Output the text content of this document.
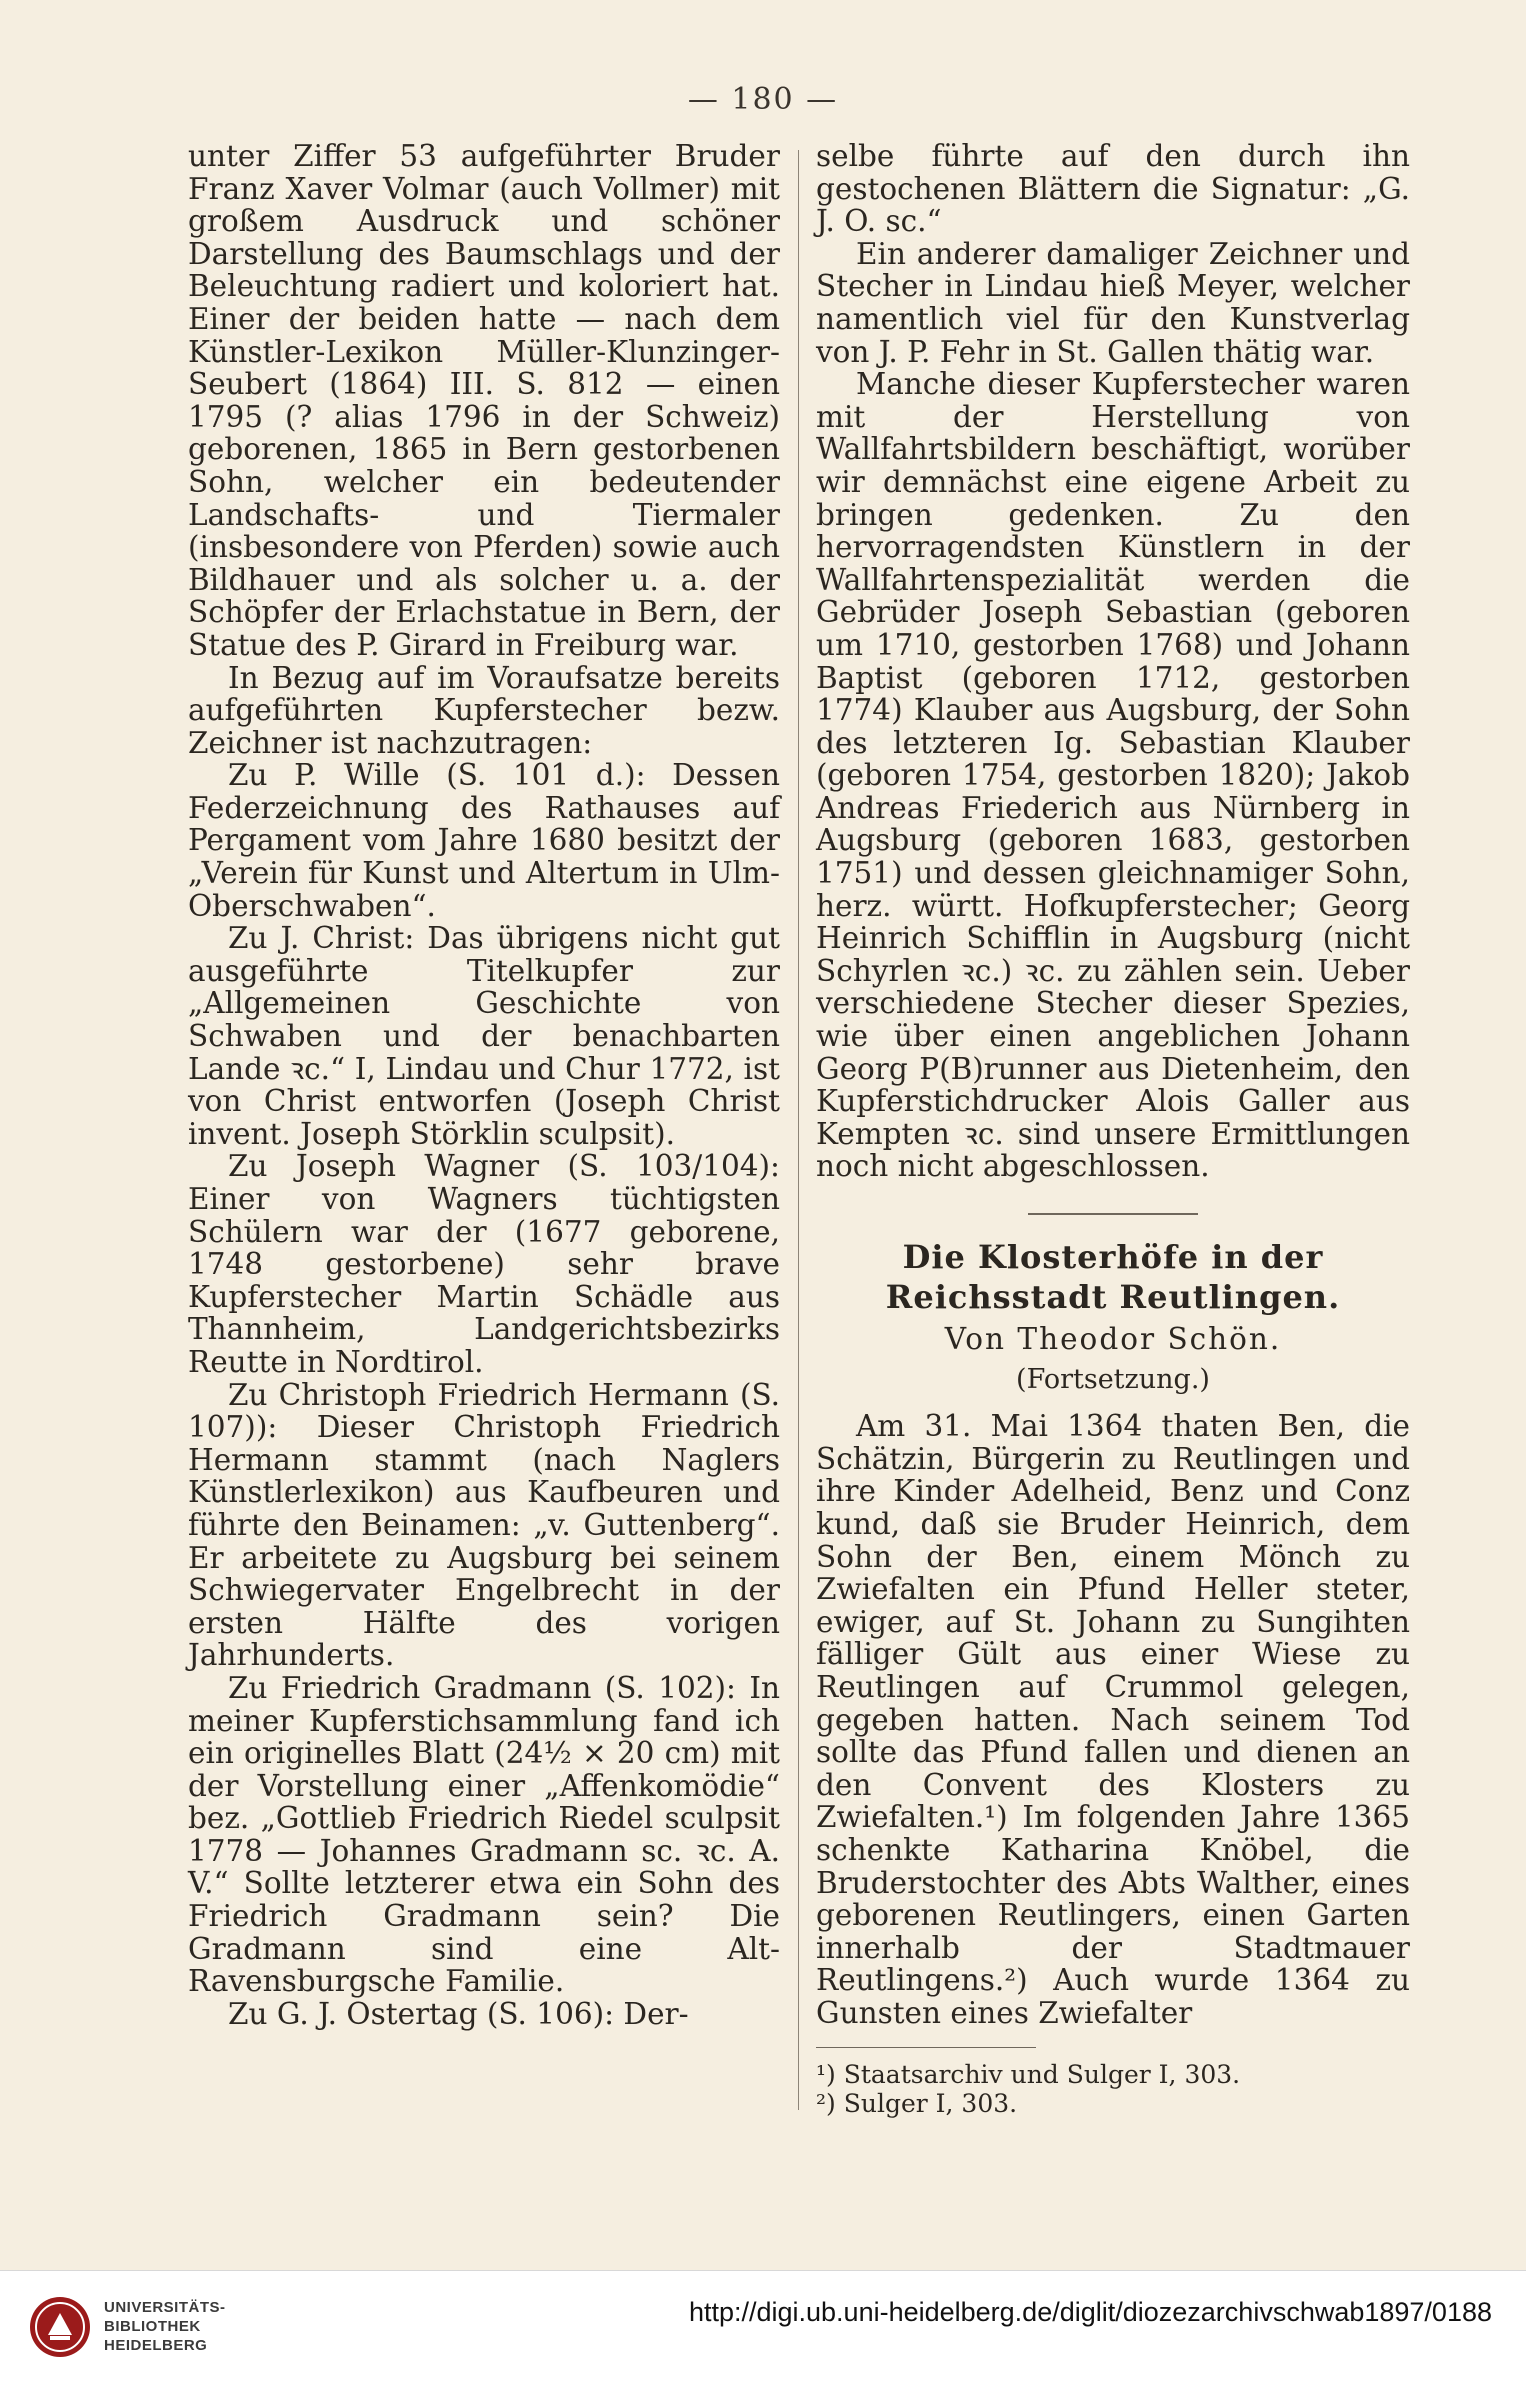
— 180 —

unter Ziffer 53 aufgeführter Bruder Franz Xaver Volmar (auch Vollmer) mit großem Ausdruck und schöner Darstellung des Baumschlags und der Beleuchtung radiert und koloriert hat. Einer der beiden hatte — nach dem Künstler-Lexikon Müller-Klunzinger-Seubert (1864) III. S. 812 — einen 1795 (? alias 1796 in der Schweiz) geborenen, 1865 in Bern gestorbenen Sohn, welcher ein bedeutender Landschafts- und Tiermaler (insbesondere von Pferden) sowie auch Bildhauer und als solcher u. a. der Schöpfer der Erlachstatue in Bern, der Statue des P. Girard in Freiburg war.

In Bezug auf im Voraufsatze bereits aufgeführten Kupferstecher bezw. Zeichner ist nachzutragen:

Zu P. Wille (S. 101 d.): Dessen Federzeichnung des Rathauses auf Pergament vom Jahre 1680 besitzt der „Verein für Kunst und Altertum in Ulm-Oberschwaben“.

Zu J. Christ: Das übrigens nicht gut ausgeführte Titelkupfer zur „Allgemeinen Geschichte von Schwaben und der benachbarten Lande ꝛc.“ I, Lindau und Chur 1772, ist von Christ entworfen (Joseph Christ invent. Joseph Störklin sculpsit).

Zu Joseph Wagner (S. 103/104): Einer von Wagners tüchtigsten Schülern war der (1677 geborene, 1748 gestorbene) sehr brave Kupferstecher Martin Schädle aus Thannheim, Landgerichtsbezirks Reutte in Nordtirol.

Zu Christoph Friedrich Hermann (S. 107)): Dieser Christoph Friedrich Hermann stammt (nach Naglers Künstlerlexikon) aus Kaufbeuren und führte den Beinamen: „v. Guttenberg“. Er arbeitete zu Augsburg bei seinem Schwiegervater Engelbrecht in der ersten Hälfte des vorigen Jahrhunderts.

Zu Friedrich Gradmann (S. 102): In meiner Kupferstichsammlung fand ich ein originelles Blatt (24½ × 20 cm) mit der Vorstellung einer „Affenkomödie“ bez. „Gottlieb Friedrich Riedel sculpsit 1778 — Johannes Gradmann sc. ꝛc. A. V.“ Sollte letzterer etwa ein Sohn des Friedrich Gradmann sein? Die Gradmann sind eine Alt-Ravensburgsche Familie.

Zu G. J. Ostertag (S. 106): Der-

selbe führte auf den durch ihn gestochenen Blättern die Signatur: „G. J. O. sc.“

Ein anderer damaliger Zeichner und Stecher in Lindau hieß Meyer, welcher namentlich viel für den Kunstverlag von J. P. Fehr in St. Gallen thätig war.

Manche dieser Kupferstecher waren mit der Herstellung von Wallfahrtsbildern beschäftigt, worüber wir demnächst eine eigene Arbeit zu bringen gedenken. Zu den hervorragendsten Künstlern in der Wallfahrtenspezialität werden die Gebrüder Joseph Sebastian (geboren um 1710, gestorben 1768) und Johann Baptist (geboren 1712, gestorben 1774) Klauber aus Augsburg, der Sohn des letzteren Ig. Sebastian Klauber (geboren 1754, gestorben 1820); Jakob Andreas Friederich aus Nürnberg in Augsburg (geboren 1683, gestorben 1751) und dessen gleichnamiger Sohn, herz. württ. Hofkupferstecher; Georg Heinrich Schifflin in Augsburg (nicht Schyrlen ꝛc.) ꝛc. zu zählen sein. Ueber verschiedene Stecher dieser Spezies, wie über einen angeblichen Johann Georg P(B)runner aus Dietenheim, den Kupferstichdrucker Alois Galler aus Kempten ꝛc. sind unsere Ermittlungen noch nicht abgeschlossen.

Die Klosterhöfe in der Reichsstadt Reutlingen.
Von Theodor Schön.
(Fortsetzung.)

Am 31. Mai 1364 thaten Ben, die Schätzin, Bürgerin zu Reutlingen und ihre Kinder Adelheid, Benz und Conz kund, daß sie Bruder Heinrich, dem Sohn der Ben, einem Mönch zu Zwiefalten ein Pfund Heller steter, ewiger, auf St. Johann zu Sungihten fälliger Gült aus einer Wiese zu Reutlingen auf Crummol gelegen, gegeben hatten. Nach seinem Tod sollte das Pfund fallen und dienen an den Convent des Klosters zu Zwiefalten.¹) Im folgenden Jahre 1365 schenkte Katharina Knöbel, die Bruderstochter des Abts Walther, eines geborenen Reutlingers, einen Garten innerhalb der Stadtmauer Reutlingens.²) Auch wurde 1364 zu Gunsten eines Zwiefalter

¹) Staatsarchiv und Sulger I, 303.

²) Sulger I, 303.

UNIVERSITÄTS-
BIBLIOTHEK
HEIDELBERG
http://digi.ub.uni-heidelberg.de/diglit/diozezarchivschwab1897/0188
